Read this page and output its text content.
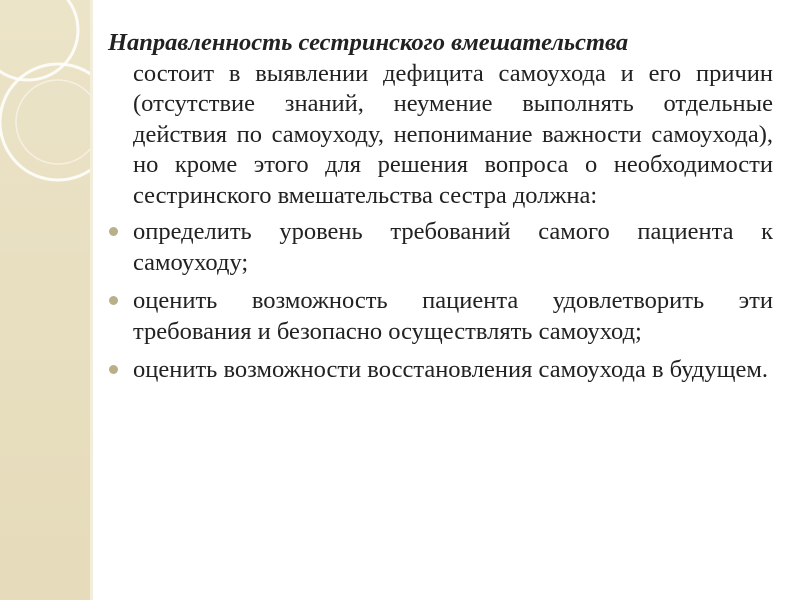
Направленность сестринского вмешательства
состоит в выявлении дефицита самоухода и его причин (отсутствие знаний, неумение выполнять отдельные действия по самоуходу, непонимание важности самоухода), но кроме этого для решения вопроса о необходимости сестринского вмешательства сестра должна:

определить уровень требований самого пациента к самоуходу;
оценить возможность пациента удовлетворить эти требования и безопасно осуществлять самоуход;
оценить возможности восстановления самоухода в будущем.
